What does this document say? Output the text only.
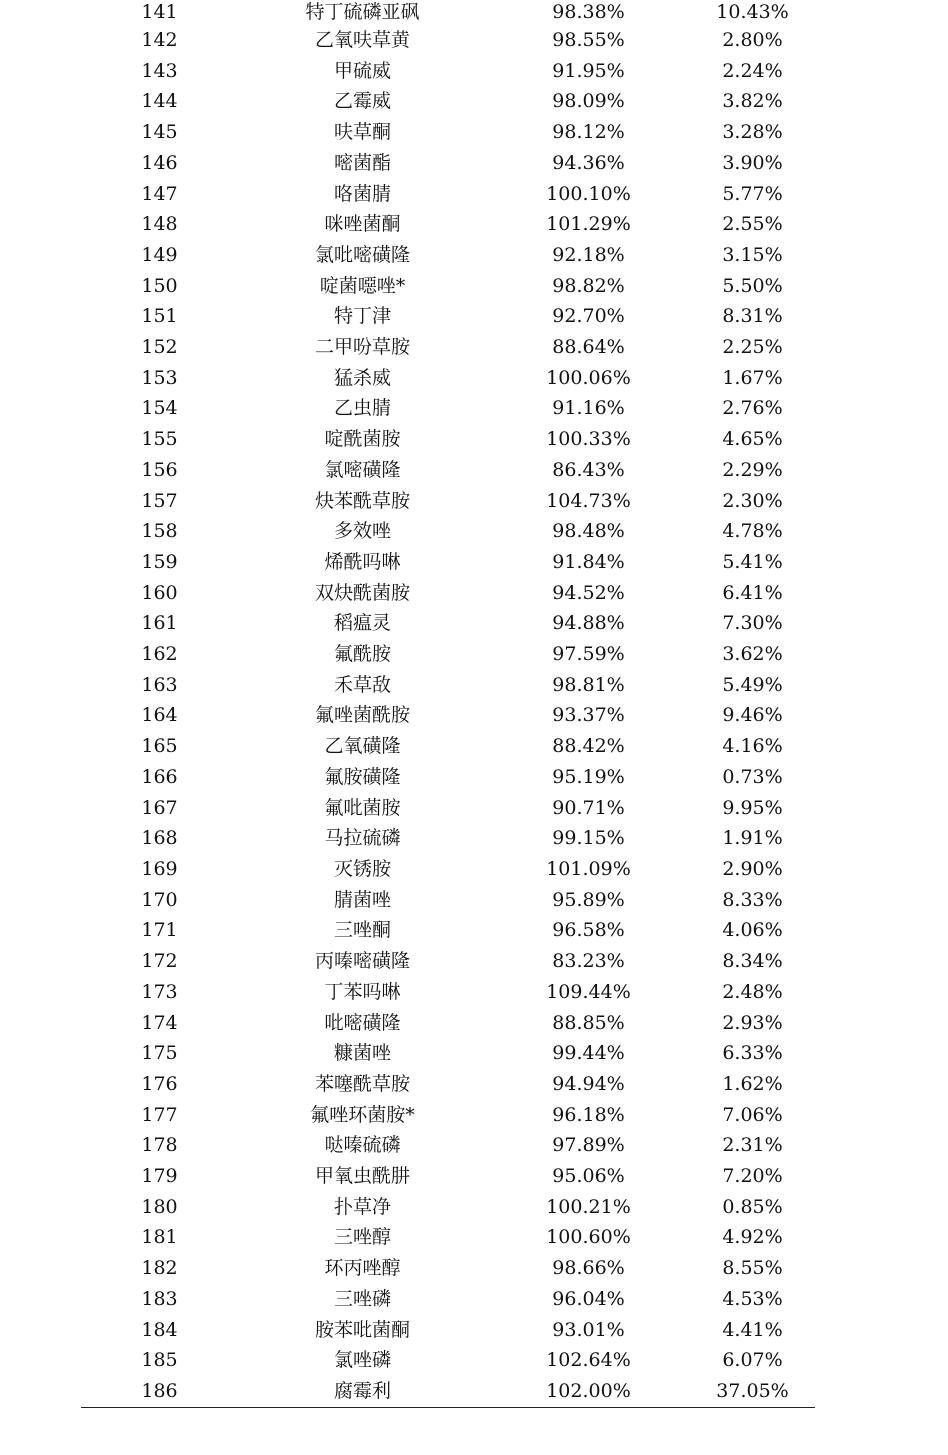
141	特丁硫磷亚砜	98.38%	10.43%
142	乙氧呋草黄	98.55%	2.80%
143	甲硫威	91.95%	2.24%
144	乙霉威	98.09%	3.82%
145	呋草酮	98.12%	3.28%
146	嘧菌酯	94.36%	3.90%
147	咯菌腈	100.10%	5.77%
148	咪唑菌酮	101.29%	2.55%
149	氯吡嘧磺隆	92.18%	3.15%
150	啶菌噁唑*	98.82%	5.50%
151	特丁津	92.70%	8.31%
152	二甲吩草胺	88.64%	2.25%
153	猛杀威	100.06%	1.67%
154	乙虫腈	91.16%	2.76%
155	啶酰菌胺	100.33%	4.65%
156	氯嘧磺隆	86.43%	2.29%
157	炔苯酰草胺	104.73%	2.30%
158	多效唑	98.48%	4.78%
159	烯酰吗啉	91.84%	5.41%
160	双炔酰菌胺	94.52%	6.41%
161	稻瘟灵	94.88%	7.30%
162	氟酰胺	97.59%	3.62%
163	禾草敌	98.81%	5.49%
164	氟唑菌酰胺	93.37%	9.46%
165	乙氧磺隆	88.42%	4.16%
166	氟胺磺隆	95.19%	0.73%
167	氟吡菌胺	90.71%	9.95%
168	马拉硫磷	99.15%	1.91%
169	灭锈胺	101.09%	2.90%
170	腈菌唑	95.89%	8.33%
171	三唑酮	96.58%	4.06%
172	丙嗪嘧磺隆	83.23%	8.34%
173	丁苯吗啉	109.44%	2.48%
174	吡嘧磺隆	88.85%	2.93%
175	糠菌唑	99.44%	6.33%
176	苯噻酰草胺	94.94%	1.62%
177	氟唑环菌胺*	96.18%	7.06%
178	哒嗪硫磷	97.89%	2.31%
179	甲氧虫酰肼	95.06%	7.20%
180	扑草净	100.21%	0.85%
181	三唑醇	100.60%	4.92%
182	环丙唑醇	98.66%	8.55%
183	三唑磷	96.04%	4.53%
184	胺苯吡菌酮	93.01%	4.41%
185	氯唑磷	102.64%	6.07%
186	腐霉利	102.00%	37.05%
